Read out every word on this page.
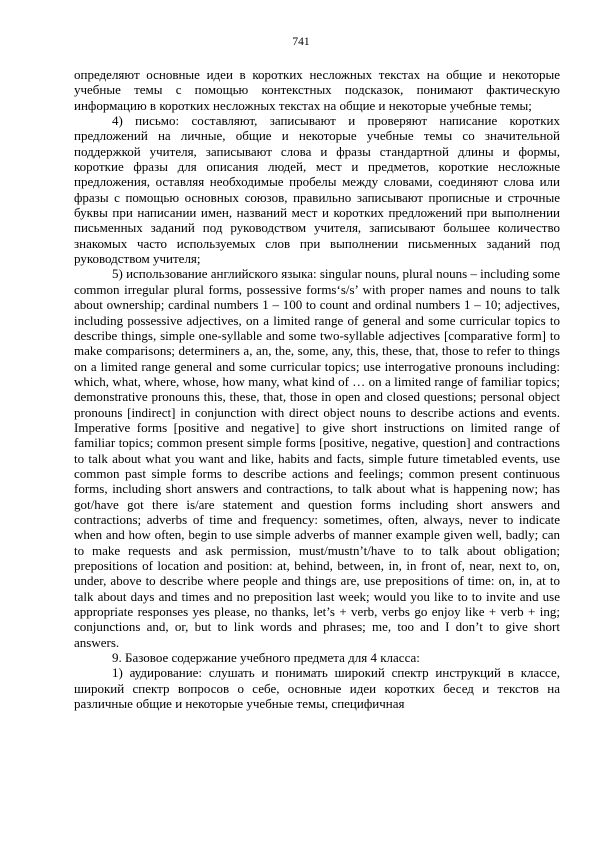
741

определяют основные идеи в коротких несложных текстах на общие и некоторые учебные темы с помощью контекстных подсказок, понимают фактическую информацию в коротких несложных текстах на общие и некоторые учебные темы;

4) письмо: составляют, записывают и проверяют написание коротких предложений на личные, общие и некоторые учебные темы со значительной поддержкой учителя, записывают слова и фразы стандартной длины и формы, короткие фразы для описания людей, мест и предметов, короткие несложные предложения, оставляя необходимые пробелы между словами, соединяют слова или фразы с помощью основных союзов, правильно записывают прописные и строчные буквы при написании имен, названий мест и коротких предложений при выполнении письменных заданий под руководством учителя, записывают большее количество знакомых часто используемых слов при выполнении письменных заданий под руководством учителя;

5) использование английского языка: singular nouns, plural nouns – including some common irregular plural forms, possessive forms‘s/s’ with proper names and nouns to talk about ownership; cardinal numbers 1 – 100 to count and ordinal numbers 1 – 10; adjectives, including possessive adjectives, on a limited range of general and some curricular topics to describe things, simple one-syllable and some two-syllable adjectives [comparative form] to make comparisons; determiners a, an, the, some, any, this, these, that, those to refer to things on a limited range general and some curricular topics; use interrogative pronouns including: which, what, where, whose, how many, what kind of … on a limited range of familiar topics; demonstrative pronouns this, these, that, those in open and closed questions; personal object pronouns [indirect] in conjunction with direct object nouns to describe actions and events. Imperative forms [positive and negative] to give short instructions on limited range of familiar topics; common present simple forms [positive, negative, question] and contractions to talk about what you want and like, habits and facts, simple future timetabled events, use common past simple forms to describe actions and feelings; common present continuous forms, including short answers and contractions, to talk about what is happening now; has got/have got there is/are statement and question forms including short answers and contractions; adverbs of time and frequency: sometimes, often, always, never to indicate when and how often, begin to use simple adverbs of manner example given well, badly; can to make requests and ask permission, must/mustn’t/have to to talk about obligation; prepositions of location and position: at, behind, between, in, in front of, near, next to, on, under, above to describe where people and things are, use prepositions of time: on, in, at to talk about days and times and no preposition last week; would you like to to invite and use appropriate responses yes please, no thanks, let’s + verb, verbs go enjoy like + verb + ing; conjunctions and, or, but to link words and phrases; me, too and I don’t to give short answers.

9. Базовое содержание учебного предмета для 4 класса:

1) аудирование: слушать и понимать широкий спектр инструкций в классе, широкий спектр вопросов о себе, основные идеи коротких бесед и текстов на различные общие и некоторые учебные темы, специфичная
